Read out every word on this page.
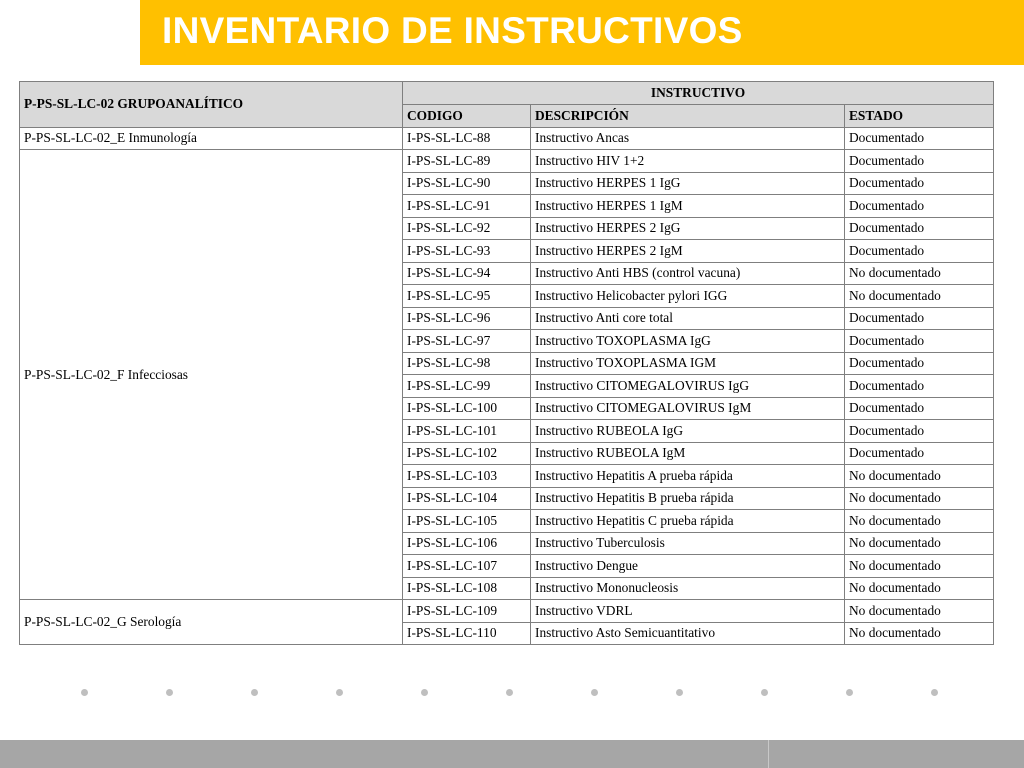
INVENTARIO DE INSTRUCTIVOS
P-PS-SL-LC-02 GRUPOANALÍTICO	INSTRUCTIVO		
	CODIGO	DESCRIPCIÓN	ESTADO
P-PS-SL-LC-02_E Inmunología	I-PS-SL-LC-88	Instructivo Ancas	Documentado
P-PS-SL-LC-02_F Infecciosas	I-PS-SL-LC-89	Instructivo HIV 1+2	Documentado
	I-PS-SL-LC-90	Instructivo HERPES 1 IgG	Documentado
	I-PS-SL-LC-91	Instructivo HERPES 1 IgM	Documentado
	I-PS-SL-LC-92	Instructivo HERPES 2 IgG	Documentado
	I-PS-SL-LC-93	Instructivo HERPES 2 IgM	Documentado
	I-PS-SL-LC-94	Instructivo Anti HBS (control vacuna)	No documentado
	I-PS-SL-LC-95	Instructivo Helicobacter pylori IGG	No documentado
	I-PS-SL-LC-96	Instructivo Anti core total	Documentado
	I-PS-SL-LC-97	Instructivo TOXOPLASMA IgG	Documentado
	I-PS-SL-LC-98	Instructivo TOXOPLASMA IGM	Documentado
	I-PS-SL-LC-99	Instructivo CITOMEGALOVIRUS IgG	Documentado
	I-PS-SL-LC-100	Instructivo CITOMEGALOVIRUS IgM	Documentado
	I-PS-SL-LC-101	Instructivo RUBEOLA IgG	Documentado
	I-PS-SL-LC-102	Instructivo RUBEOLA IgM	Documentado
	I-PS-SL-LC-103	Instructivo Hepatitis A prueba rápida	No documentado
	I-PS-SL-LC-104	Instructivo Hepatitis B prueba rápida	No documentado
	I-PS-SL-LC-105	Instructivo Hepatitis C prueba rápida	No documentado
	I-PS-SL-LC-106	Instructivo Tuberculosis	No documentado
	I-PS-SL-LC-107	Instructivo Dengue	No documentado
	I-PS-SL-LC-108	Instructivo Mononucleosis	No documentado
P-PS-SL-LC-02_G Serología	I-PS-SL-LC-109	Instructivo VDRL	No documentado
	I-PS-SL-LC-110	Instructivo Asto Semicuantitativo	No documentado
